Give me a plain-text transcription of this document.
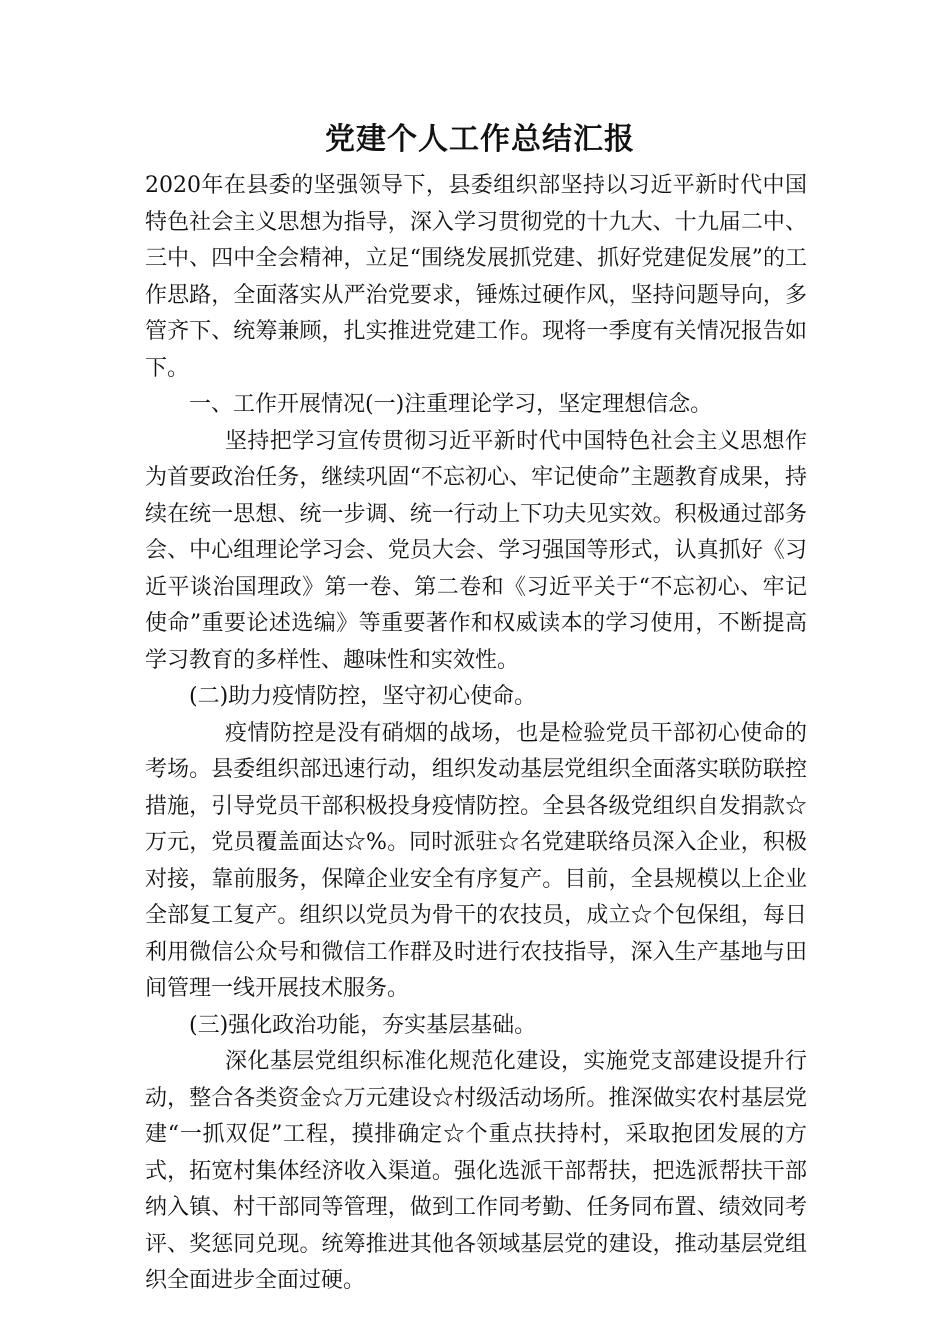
党建个人工作总结汇报

2020年在县委的坚强领导下，县委组织部坚持以习近平新时代中国特色社会主义思想为指导，深入学习贯彻党的十九大、十九届二中、三中、四中全会精神，立足“围绕发展抓党建、抓好党建促发展”的工作思路，全面落实从严治党要求，锤炼过硬作风，坚持问题导向，多管齐下、统筹兼顾，扎实推进党建工作。现将一季度有关情况报告如下。

一、工作开展情况(一)注重理论学习，坚定理想信念。

坚持把学习宣传贯彻习近平新时代中国特色社会主义思想作为首要政治任务，继续巩固“不忘初心、牢记使命”主题教育成果，持续在统一思想、统一步调、统一行动上下功夫见实效。积极通过部务会、中心组理论学习会、党员大会、学习强国等形式，认真抓好《习近平谈治国理政》第一卷、第二卷和《习近平关于“不忘初心、牢记使命”重要论述选编》等重要著作和权威读本的学习使用，不断提高学习教育的多样性、趣味性和实效性。

(二)助力疫情防控，坚守初心使命。

疫情防控是没有硝烟的战场，也是检验党员干部初心使命的考场。县委组织部迅速行动，组织发动基层党组织全面落实联防联控措施，引导党员干部积极投身疫情防控。全县各级党组织自发捐款☆万元，党员覆盖面达☆%。同时派驻☆名党建联络员深入企业，积极对接，靠前服务，保障企业安全有序复产。目前，全县规模以上企业全部复工复产。组织以党员为骨干的农技员，成立☆个包保组，每日利用微信公众号和微信工作群及时进行农技指导，深入生产基地与田间管理一线开展技术服务。

(三)强化政治功能，夯实基层基础。

深化基层党组织标准化规范化建设，实施党支部建设提升行动，整合各类资金☆万元建设☆村级活动场所。推深做实农村基层党建“一抓双促”工程，摸排确定☆个重点扶持村，采取抱团发展的方式，拓宽村集体经济收入渠道。强化选派干部帮扶，把选派帮扶干部纳入镇、村干部同等管理，做到工作同考勤、任务同布置、绩效同考评、奖惩同兑现。统筹推进其他各领域基层党的建设，推动基层党组织全面进步全面过硬。
